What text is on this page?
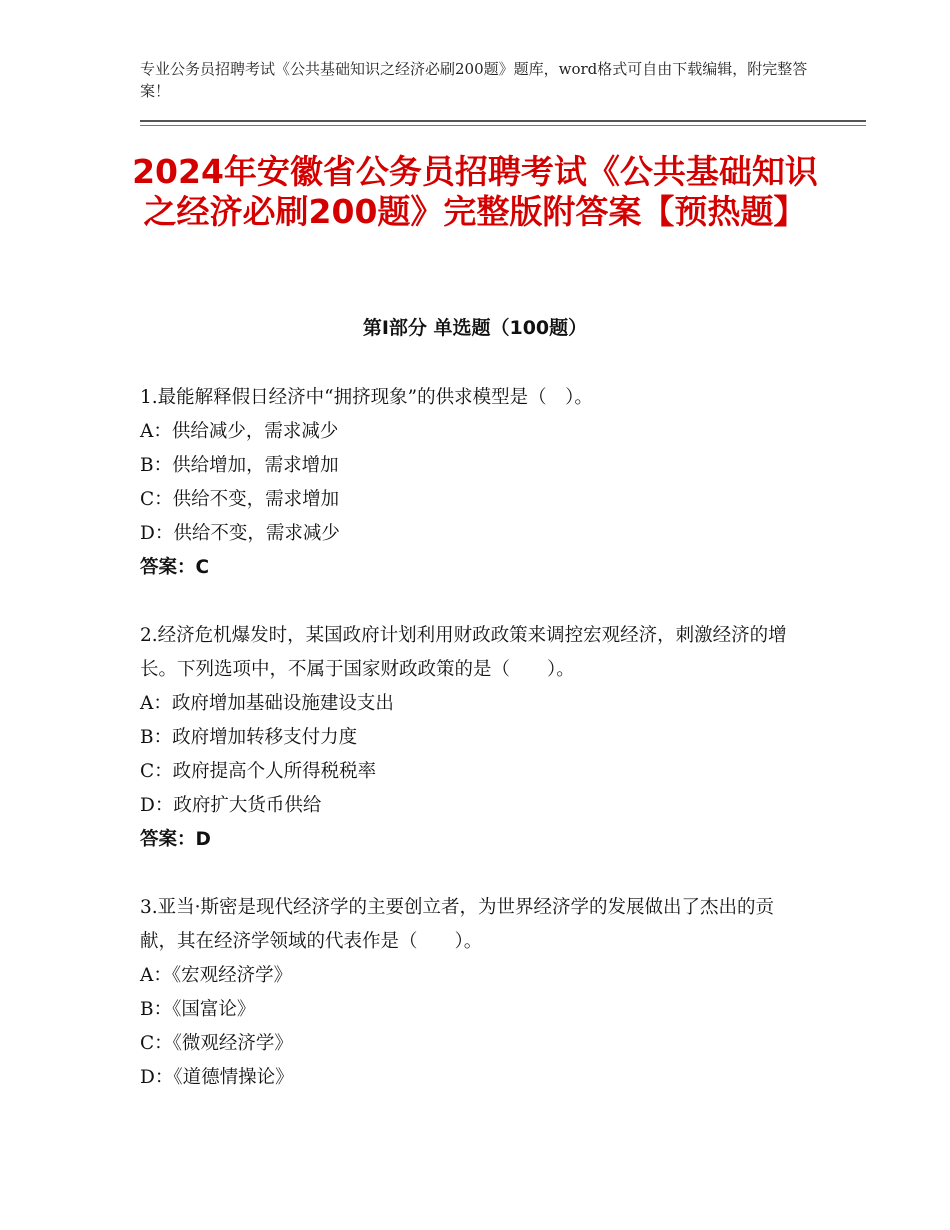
专业公务员招聘考试《公共基础知识之经济必刷200题》题库，word格式可自由下载编辑，附完整答案！
2024年安徽省公务员招聘考试《公共基础知识之经济必刷200题》完整版附答案【预热题】
第Ⅰ部分 单选题（100题）
1.最能解释假日经济中“拥挤现象”的供求模型是（　）。
A：供给减少，需求减少
B：供给增加，需求增加
C：供给不变，需求增加
D：供给不变，需求减少
答案：C
2.经济危机爆发时，某国政府计划利用财政政策来调控宏观经济，刺激经济的增长。下列选项中，不属于国家财政政策的是（　　）。
A：政府增加基础设施建设支出
B：政府增加转移支付力度
C：政府提高个人所得税税率
D：政府扩大货币供给
答案：D
3.亚当·斯密是现代经济学的主要创立者，为世界经济学的发展做出了杰出的贡献，其在经济学领域的代表作是（　　）。
A：《宏观经济学》
B：《国富论》
C：《微观经济学》
D：《道德情操论》
